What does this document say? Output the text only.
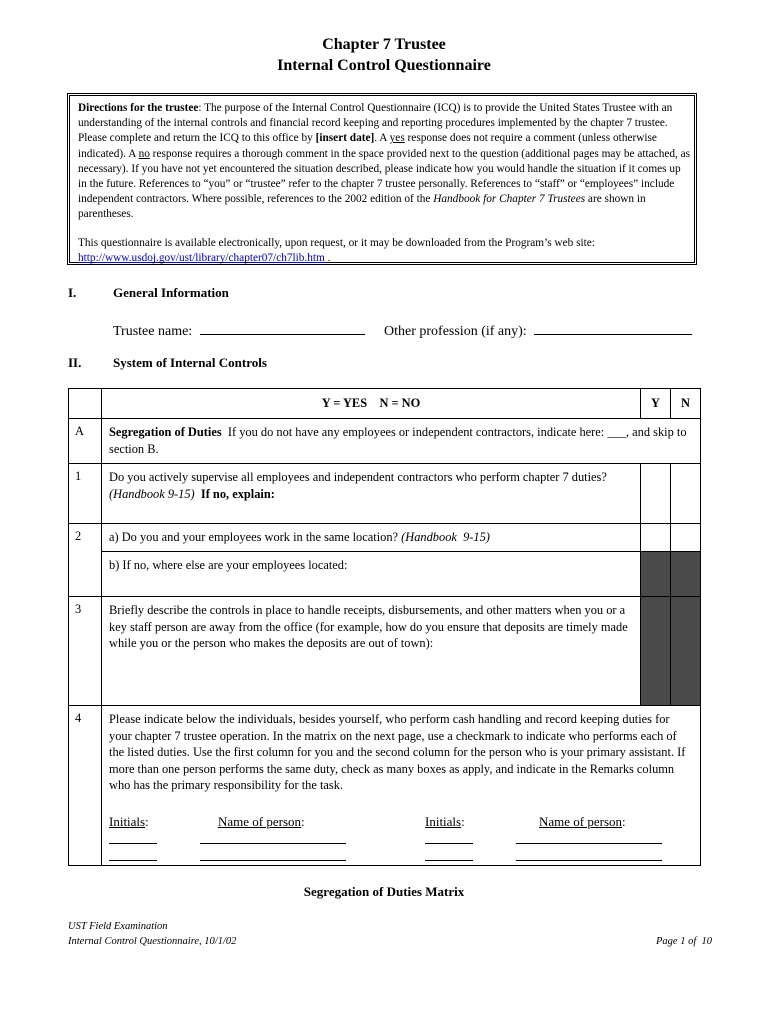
Chapter 7 Trustee
Internal Control Questionnaire
Directions for the trustee: The purpose of the Internal Control Questionnaire (ICQ) is to provide the United States Trustee with an understanding of the internal controls and financial record keeping and reporting procedures implemented by the chapter 7 trustee. Please complete and return the ICQ to this office by [insert date]. A yes response does not require a comment (unless otherwise indicated). A no response requires a thorough comment in the space provided next to the question (additional pages may be attached, as necessary). If you have not yet encountered the situation described, please indicate how you would handle the situation if it comes up in the future. References to “you” or “trustee” refer to the chapter 7 trustee personally. References to “staff” or “employees” include independent contractors. Where possible, references to the 2002 edition of the Handbook for Chapter 7 Trustees are shown in parentheses.
This questionnaire is available electronically, upon request, or it may be downloaded from the Program’s web site: http://www.usdoj.gov/ust/library/chapter07/ch7lib.htm .
I.	General Information
Trustee name:	Other profession (if any):
II. System of Internal Controls
	Y = YES    N = NO	Y	N
A	Segregation of Duties  If you do not have any employees or independent contractors, indicate here: ___, and skip to section B.		
1	Do you actively supervise all employees and independent contractors who perform chapter 7 duties? (Handbook 9-15)  If no, explain:		
2	a) Do you and your employees work in the same location? (Handbook  9-15)		
	b) If no, where else are your employees located:		
3	Briefly describe the controls in place to handle receipts, disbursements, and other matters when you or a key staff person are away from the office (for example, how do you ensure that deposits are timely made while you or the person who makes the deposits are out of town):		
4	Please indicate below the individuals, besides yourself, who perform cash handling and record keeping duties for your chapter 7 trustee operation. In the matrix on the next page, use a checkmark to indicate who performs each of the listed duties. Use the first column for you and the second column for the person who is your primary assistant. If more than one person performs the same duty, check as many boxes as apply, and indicate in the Remarks column who has the primary responsibility for the task.
Initials: Name of person: Initials: Name of person:		
Segregation of Duties Matrix
UST Field Examination
Internal Control Questionnaire, 10/1/02	Page 1 of  10
